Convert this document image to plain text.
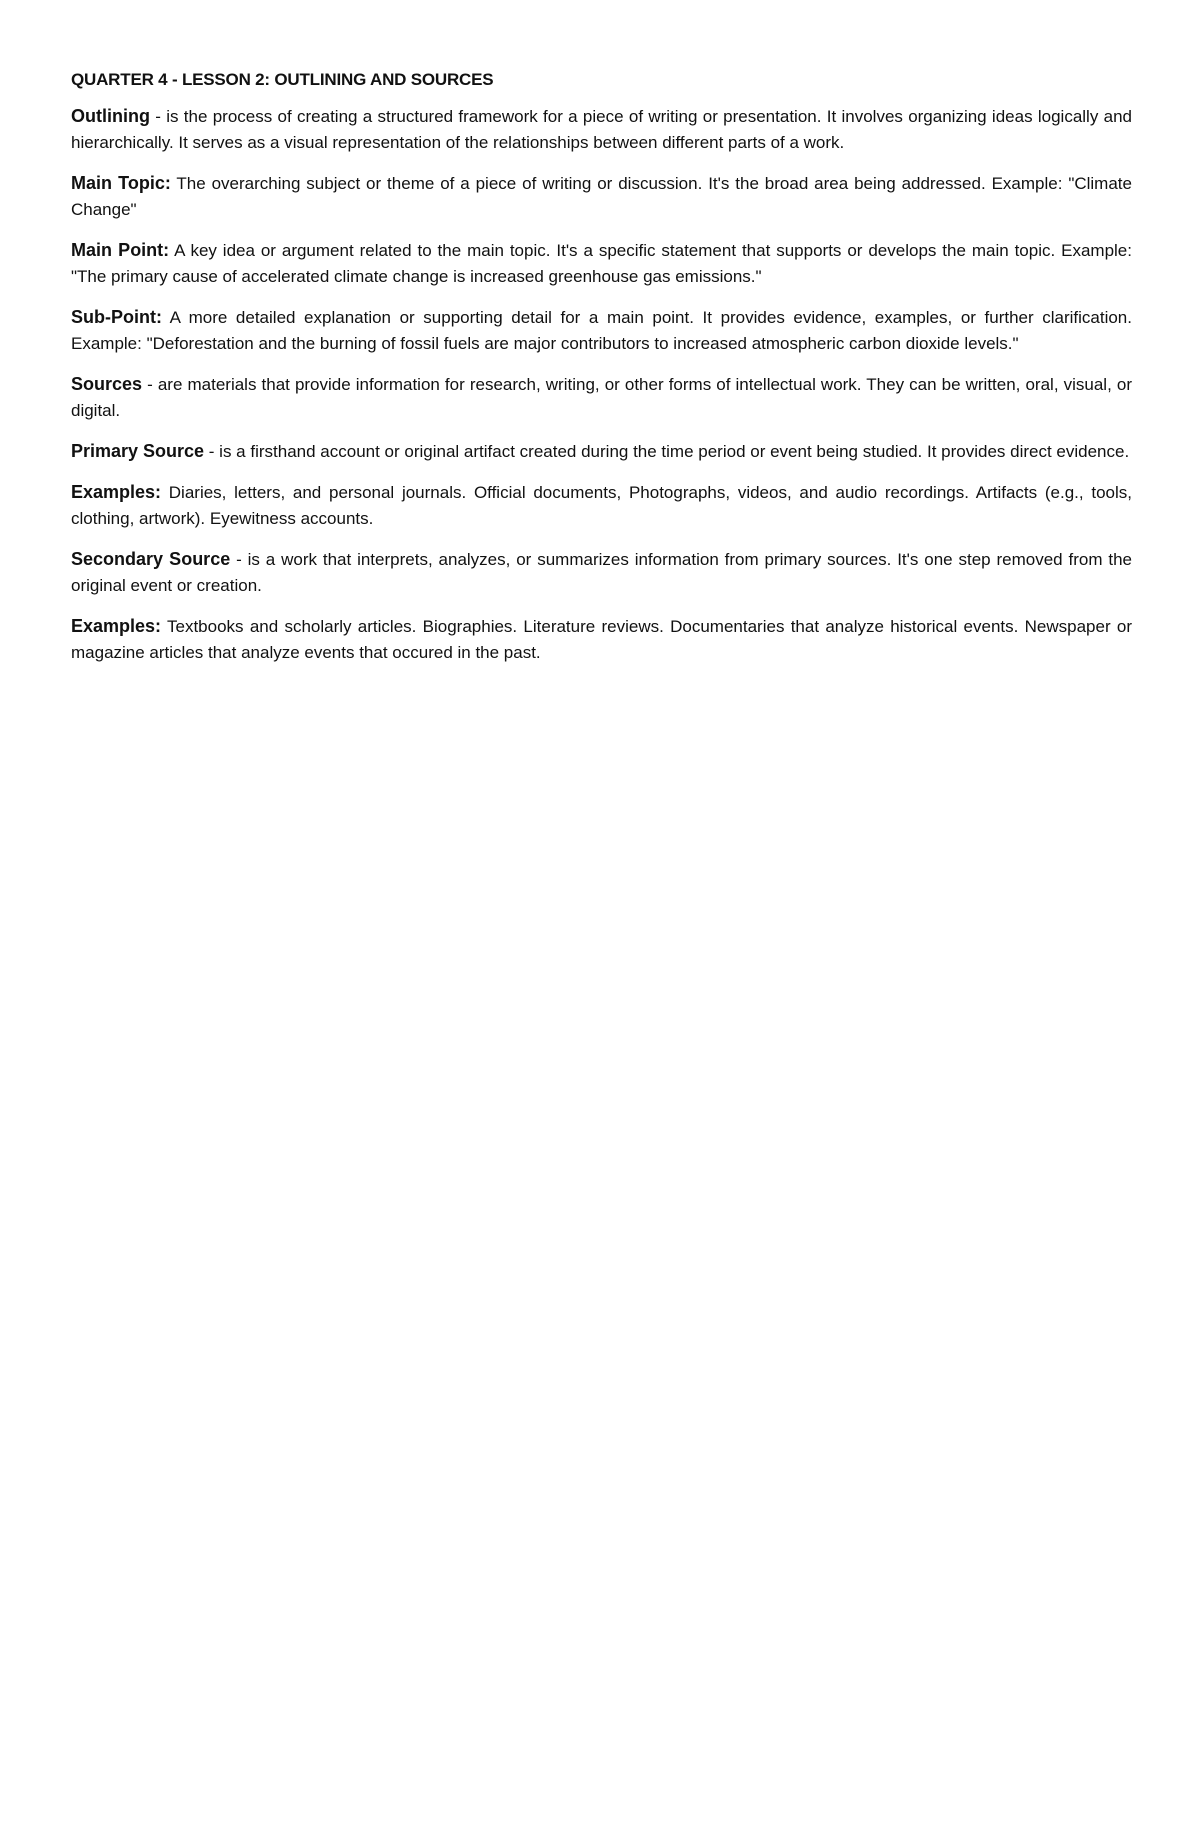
QUARTER 4 - LESSON 2: OUTLINING AND SOURCES

Outlining - is the process of creating a structured framework for a piece of writing or presentation. It involves organizing ideas logically and hierarchically. It serves as a visual representation of the relationships between different parts of a work.

Main Topic: The overarching subject or theme of a piece of writing or discussion. It's the broad area being addressed. Example: "Climate Change"

Main Point: A key idea or argument related to the main topic. It's a specific statement that supports or develops the main topic. Example: "The primary cause of accelerated climate change is increased greenhouse gas emissions."

Sub-Point: A more detailed explanation or supporting detail for a main point. It provides evidence, examples, or further clarification. Example: "Deforestation and the burning of fossil fuels are major contributors to increased atmospheric carbon dioxide levels."

Sources - are materials that provide information for research, writing, or other forms of intellectual work. They can be written, oral, visual, or digital.

Primary Source - is a firsthand account or original artifact created during the time period or event being studied. It provides direct evidence.

Examples: Diaries, letters, and personal journals. Official documents, Photographs, videos, and audio recordings. Artifacts (e.g., tools, clothing, artwork). Eyewitness accounts.

Secondary Source - is a work that interprets, analyzes, or summarizes information from primary sources. It's one step removed from the original event or creation.

Examples: Textbooks and scholarly articles. Biographies. Literature reviews. Documentaries that analyze historical events. Newspaper or magazine articles that analyze events that occured in the past.
